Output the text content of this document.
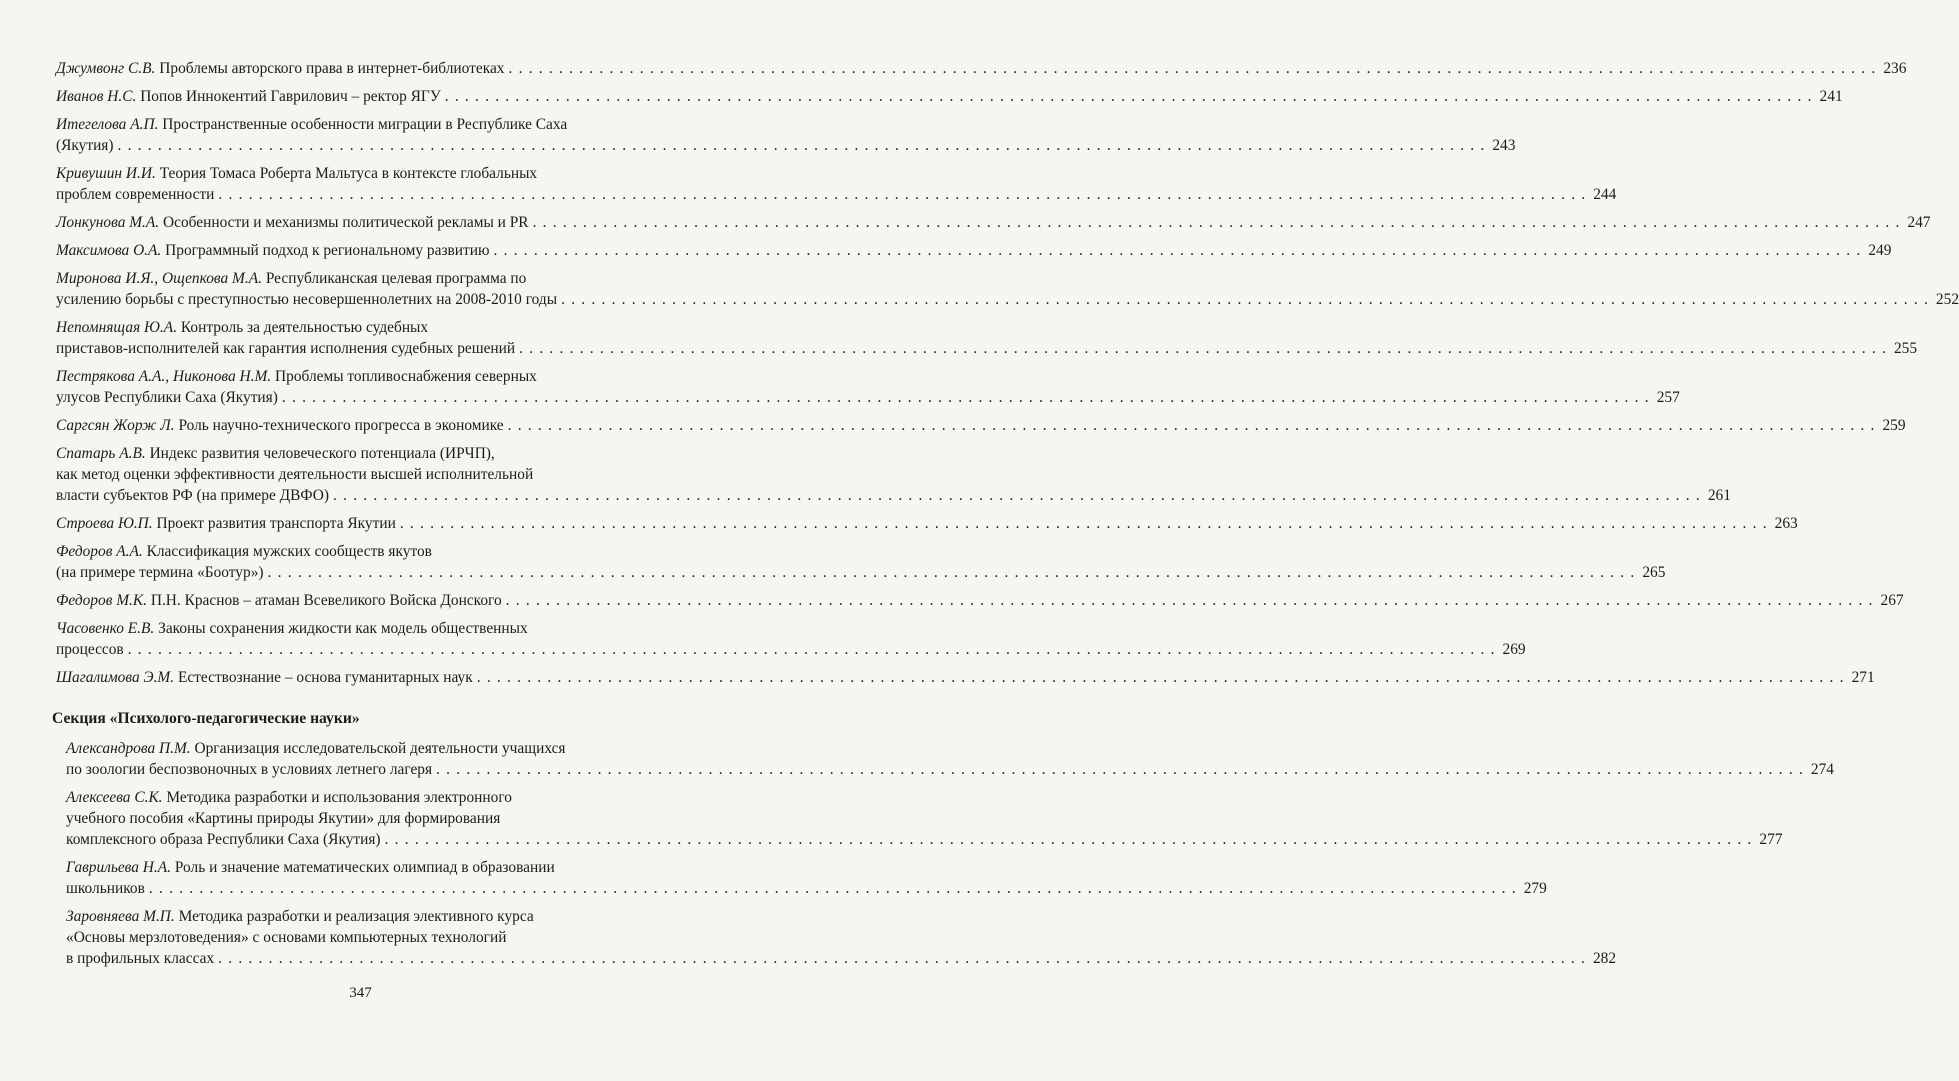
Джумвонг С.В. Проблемы авторского права в интернет-библиотеках . . .	236
Иванов Н.С. Попов Иннокентий Гаврилович – ректор ЯГУ . . .	241
Итегелова А.П. Пространственные особенности миграции в Республике Саха
(Якутия) . . .	243
Кривушин И.И. Теория Томаса Роберта Мальтуса в контексте глобальных
проблем современности . . .	244
Лонкунова М.А. Особенности и механизмы политической рекламы и PR . . .	247
Максимова О.А. Программный подход к региональному развитию . . .	249
Миронова И.Я., Ощепкова М.А. Республиканская целевая программа по
усилению борьбы с преступностью несовершеннолетних на 2008-2010 годы . . .	252
Непомнящая Ю.А. Контроль за деятельностью судебных
приставов-исполнителей как гарантия исполнения судебных решений . . .	255
Пестрякова А.А., Никонова Н.М. Проблемы топливоснабжения северных
улусов Республики Саха (Якутия) . . .	257
Саргсян Жорж Л. Роль научно-технического прогресса в экономике . . .	259
Спатарь А.В. Индекс развития человеческого потенциала (ИРЧП),
как метод оценки эффективности деятельности высшей исполнительной
власти субъектов РФ (на примере ДВФО) . . .	261
Строева Ю.П. Проект развития транспорта Якутии . . .	263
Федоров А.А. Классификация мужских сообществ якутов
(на примере термина «Боотур») . . .	265
Федоров М.К. П.Н. Краснов – атаман Всевеликого Войска Донского . . .	267
Часовенко Е.В. Законы сохранения жидкости как модель общественных
процессов . . .	269
Шагалимова Э.М. Естествознание – основа гуманитарных наук . . .	271
Секция «Психолого-педагогические науки»
Александрова П.М. Организация исследовательской деятельности учащихся
по зоологии беспозвоночных в условиях летнего лагеря . . .	274
Алексеева С.К. Методика разработки и использования электронного
учебного пособия «Картины природы Якутии» для формирования
комплексного образа Республики Саха (Якутия) . . .	277
Гаврильева Н.А. Роль и значение математических олимпиад в образовании
школьников . . .	279
Заровняева М.П. Методика разработки и реализация элективного курса
«Основы мерзлотоведения» с основами компьютерных технологий
в профильных классах . . .	282
347
